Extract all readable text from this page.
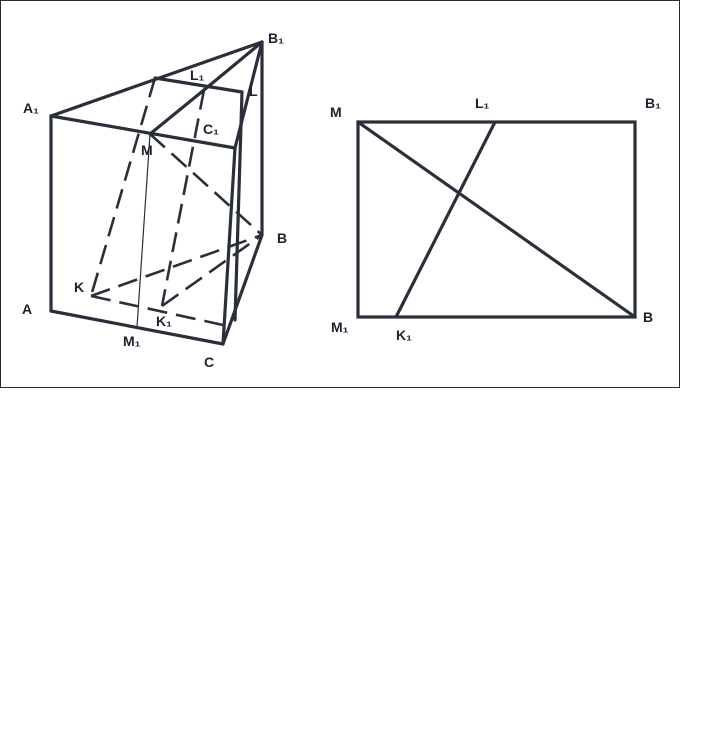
B₁
L₁
L
A₁
C₁
M
B
K
A
K₁
M₁
C
M
L₁	B₁
M₁	K₁
B
